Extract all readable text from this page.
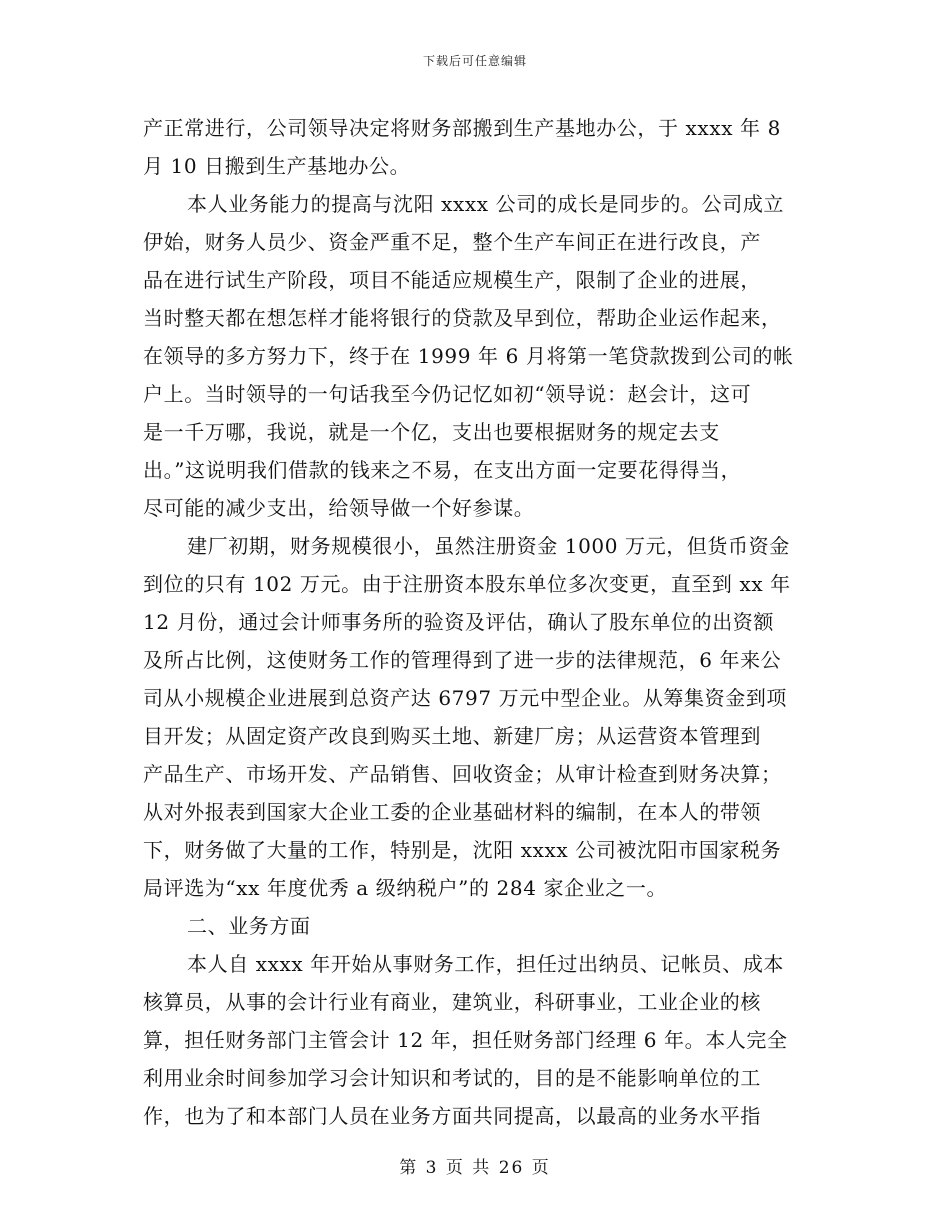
下载后可任意编辑
产正常进行，公司领导决定将财务部搬到生产基地办公，于 xxxx 年 8
月 10 日搬到生产基地办公。
本人业务能力的提高与沈阳 xxxx 公司的成长是同步的。公司成立
伊始，财务人员少、资金严重不足，整个生产车间正在进行改良，产
品在进行试生产阶段，项目不能适应规模生产，限制了企业的进展，
当时整天都在想怎样才能将银行的贷款及早到位，帮助企业运作起来，
在领导的多方努力下，终于在 1999 年 6 月将第一笔贷款拨到公司的帐
户上。当时领导的一句话我至今仍记忆如初“领导说：赵会计，这可
是一千万哪，我说，就是一个亿，支出也要根据财务的规定去支
出。”这说明我们借款的钱来之不易，在支出方面一定要花得得当，
尽可能的减少支出，给领导做一个好参谋。
建厂初期，财务规模很小，虽然注册资金 1000 万元，但货币资金
到位的只有 102 万元。由于注册资本股东单位多次变更，直至到 xx 年
12 月份，通过会计师事务所的验资及评估，确认了股东单位的出资额
及所占比例，这使财务工作的管理得到了进一步的法律规范，6 年来公
司从小规模企业进展到总资产达 6797 万元中型企业。从筹集资金到项
目开发；从固定资产改良到购买土地、新建厂房；从运营资本管理到
产品生产、市场开发、产品销售、回收资金；从审计检查到财务决算；
从对外报表到国家大企业工委的企业基础材料的编制，在本人的带领
下，财务做了大量的工作，特别是，沈阳 xxxx 公司被沈阳市国家税务
局评选为“xx 年度优秀 a 级纳税户”的 284 家企业之一。
二、业务方面
本人自 xxxx 年开始从事财务工作，担任过出纳员、记帐员、成本
核算员，从事的会计行业有商业，建筑业，科研事业，工业企业的核
算，担任财务部门主管会计 12 年，担任财务部门经理 6 年。本人完全
利用业余时间参加学习会计知识和考试的，目的是不能影响单位的工
作，也为了和本部门人员在业务方面共同提高，以最高的业务水平指
第 3 页 共 26 页
